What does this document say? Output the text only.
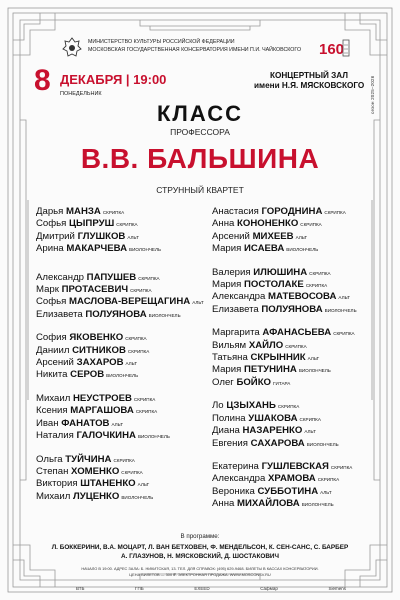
МИНИСТЕРСТВО КУЛЬТУРЫ РОССИЙСКОЙ ФЕДЕРАЦИИ
МОСКОВСКАЯ ГОСУДАРСТВЕННАЯ КОНСЕРВАТОРИЯ ИМЕНИ П.И. ЧАЙКОВСКОГО	160
сезон 2025–2026
8 ДЕКАБРЯ | 19:00
ПОНЕДЕЛЬНИК
КОНЦЕРТНЫЙ ЗАЛ
имени Н.Я. МЯСКОВСКОГО
КЛАСС
ПРОФЕССОРА
В.В. БАЛЬШИНА
СТРУННЫЙ КВАРТЕТ
Дарья МАНЗА СКРИПКА
Софья ЦЫПРУШ СКРИПКА
Дмитрий ГЛУШКОВ АЛЬТ
Арина МАКАРЧЕВА ВИОЛОНЧЕЛЬ
Александр ПАПУШЕВ СКРИПКА
Марк ПРОТАСЕВИЧ СКРИПКА
Софья МАСЛОВА-ВЕРЕЩАГИНА АЛЬТ
Елизавета ПОЛУЯНОВА ВИОЛОНЧЕЛЬ
София ЯКОВЕНКО СКРИПКА
Даниил СИТНИКОВ СКРИПКА
Арсений ЗАХАРОВ АЛЬТ
Никита СЕРОВ ВИОЛОНЧЕЛЬ
Михаил НЕУСТРОЕВ СКРИПКА
Ксения МАРГАШОВА СКРИПКА
Иван ФАНАТОВ АЛЬТ
Наталия ГАЛОЧКИНА ВИОЛОНЧЕЛЬ
Ольга ТУЙЧИНА СКРИПКА
Степан ХОМЕНКО СКРИПКА
Виктория ШТАНЕНКО АЛЬТ
Михаил ЛУЦЕНКО ВИОЛОНЧЕЛЬ
Анастасия ГОРОДНИНА СКРИПКА
Анна КОНОНЕНКО СКРИПКА
Арсений МИХЕЕВ АЛЬТ
Мария ИСАЕВА ВИОЛОНЧЕЛЬ
Валерия ИЛЮШИНА СКРИПКА
Мария ПОСТОЛАКЕ СКРИПКА
Александра МАТЕВОСОВА АЛЬТ
Елизавета ПОЛУЯНОВА ВИОЛОНЧЕЛЬ
Маргарита АФАНАСЬЕВА СКРИПКА
Вильям ХАЙЛО СКРИПКА
Татьяна СКРЫННИК АЛЬТ
Мария ПЕТУНИНА ВИОЛОНЧЕЛЬ
Олег БОЙКО ГИТАРА
Ло ЦЗЫХАНЬ СКРИПКА
Полина УШАКОВА СКРИПКА
Диана НАЗАРЕНКО АЛЬТ
Евгения САХАРОВА ВИОЛОНЧЕЛЬ
Екатерина ГУШЛЕВСКАЯ СКРИПКА
Александра ХРАМОВА СКРИПКА
Вероника СУББОТИНА АЛЬТ
Анна МИХАЙЛОВА ВИОЛОНЧЕЛЬ
В программе:
Л. БОККЕРИНИ, В.А. МОЦАРТ, Л. ВАН БЕТХОВЕН, Ф. МЕНДЕЛЬСОН, К. СЕН-САНС, С. БАРБЕР
А. ГЛАЗУНОВ, Н. МЯСКОВСКИЙ, Д. ШОСТАКОВИЧ
НАЧАЛО В 19:00. АДРЕС ЗАЛА: Б. НИКИТСКАЯ, 13. ТЕЛ. ДЛЯ СПРАВОК: (495) 629-9468. БИЛЕТЫ В КАССАХ КОНСЕРВАТОРИИ.
ЦЕНА БИЛЕТОВ — 300 ₽. ЭЛЕКТРОННАЯ ПРОДАЖА: WWW.MOSCONSV.RU
ВТБ	ГПБ	EXEED	Сафмар	Siemens
